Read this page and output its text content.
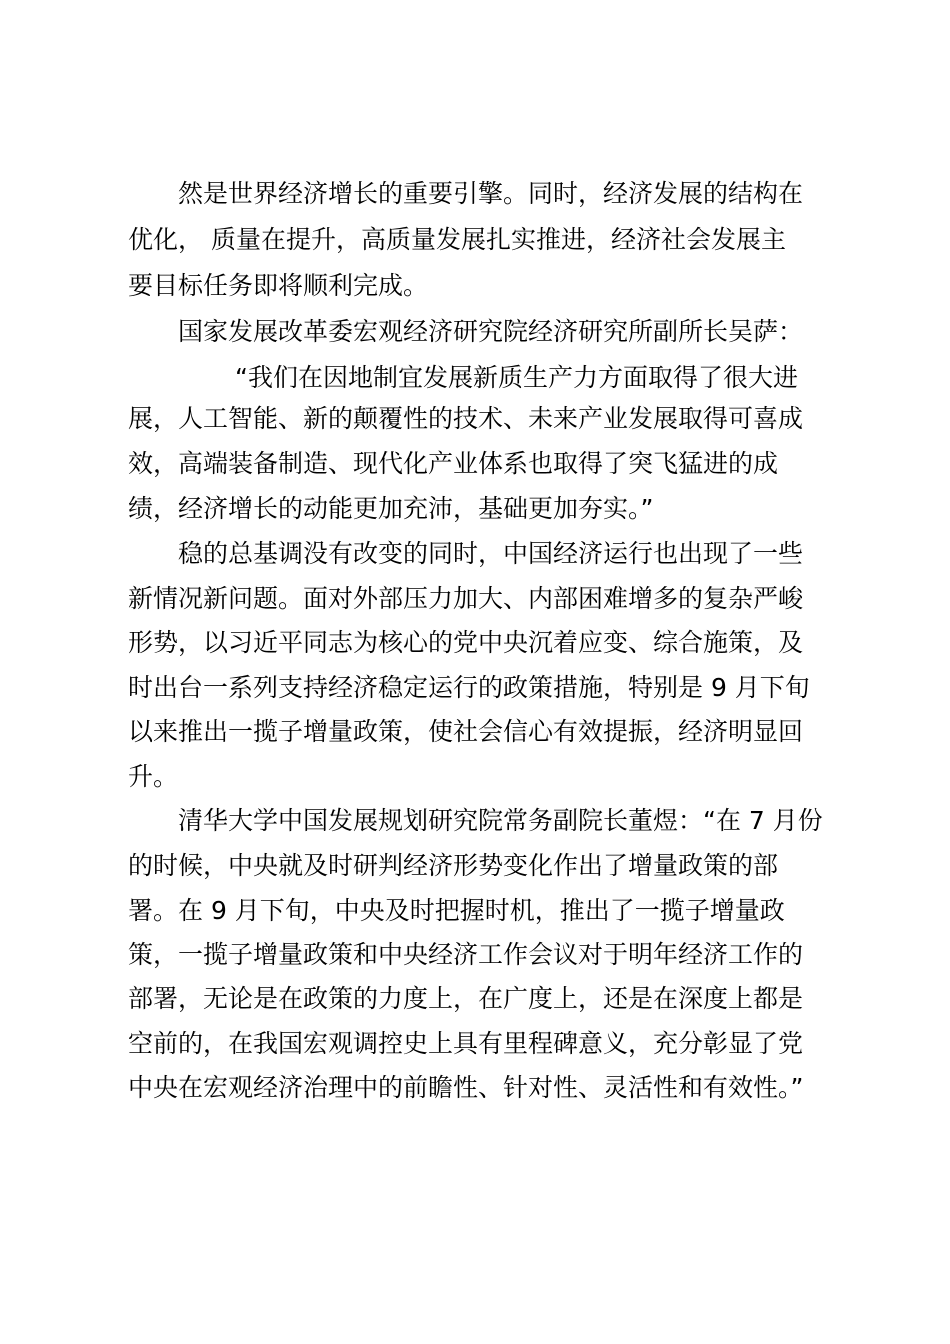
然是世界经济增长的重要引擎。同时，经济发展的结构在
优化， 质量在提升，高质量发展扎实推进，经济社会发展主
要目标任务即将顺利完成。
国家发展改革委宏观经济研究院经济研究所副所长吴萨：
“我们在因地制宜发展新质生产力方面取得了很大进
展，人工智能、新的颠覆性的技术、未来产业发展取得可喜成
效，高端装备制造、现代化产业体系也取得了突飞猛进的成
绩，经济增长的动能更加充沛，基础更加夯实。”
稳的总基调没有改变的同时，中国经济运行也出现了一些
新情况新问题。面对外部压力加大、内部困难增多的复杂严峻
形势，以习近平同志为核心的党中央沉着应变、综合施策，及
时出台一系列支持经济稳定运行的政策措施，特别是 9 月下旬
以来推出一揽子增量政策，使社会信心有效提振，经济明显回
升。
清华大学中国发展规划研究院常务副院长董煜：“在 7 月份
的时候，中央就及时研判经济形势变化作出了增量政策的部
署。在 9 月下旬，中央及时把握时机，推出了一揽子增量政
策，一揽子增量政策和中央经济工作会议对于明年经济工作的
部署，无论是在政策的力度上，在广度上，还是在深度上都是
空前的，在我国宏观调控史上具有里程碑意义，充分彰显了党
中央在宏观经济治理中的前瞻性、针对性、灵活性和有效性。”
